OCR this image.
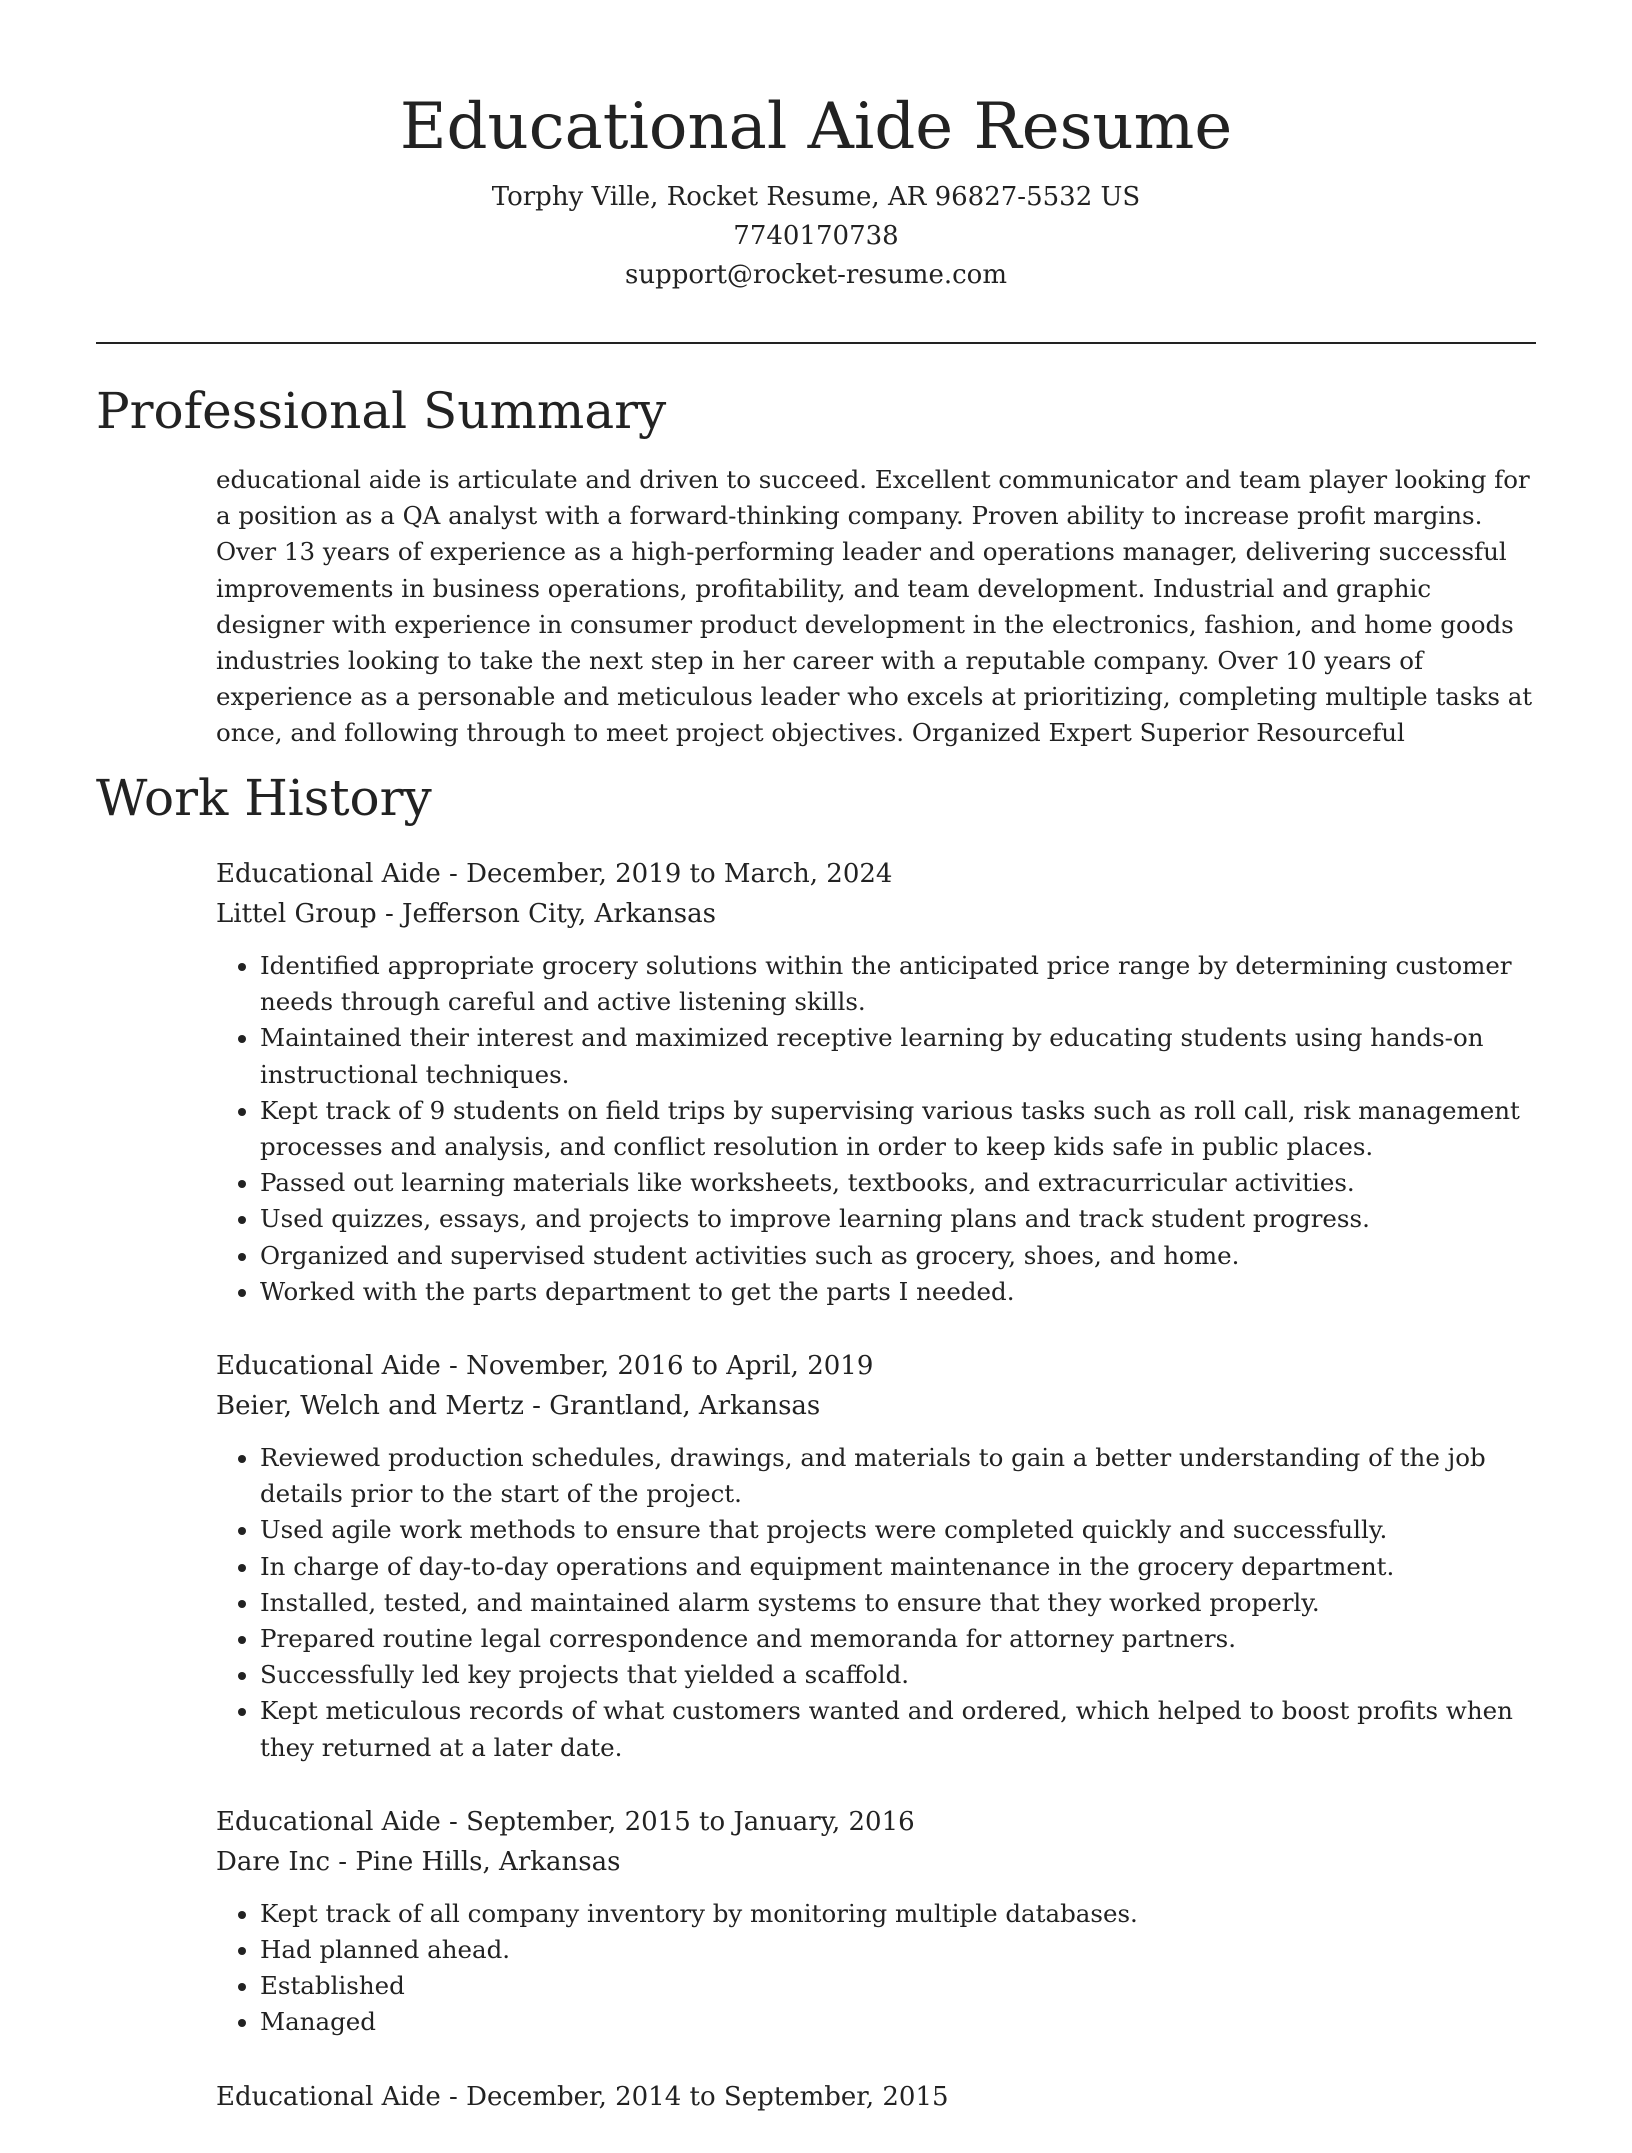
Educational Aide Resume

Torphy Ville, Rocket Resume, AR 96827-5532 US

7740170738

support@rocket-resume.com

Professional Summary

educational aide is articulate and driven to succeed. Excellent communicator and team player looking for a position as a QA analyst with a forward-thinking company. Proven ability to increase profit margins. Over 13 years of experience as a high-performing leader and operations manager, delivering successful improvements in business operations, profitability, and team development. Industrial and graphic designer with experience in consumer product development in the electronics, fashion, and home goods industries looking to take the next step in her career with a reputable company. Over 10 years of experience as a personable and meticulous leader who excels at prioritizing, completing multiple tasks at once, and following through to meet project objectives. Organized Expert Superior Resourceful

Work History

Educational Aide - December, 2019 to March, 2024

Littel Group - Jefferson City, Arkansas

• Identified appropriate grocery solutions within the anticipated price range by determining customer needs through careful and active listening skills.
• Maintained their interest and maximized receptive learning by educating students using hands-on instructional techniques.
• Kept track of 9 students on field trips by supervising various tasks such as roll call, risk management processes and analysis, and conflict resolution in order to keep kids safe in public places.
• Passed out learning materials like worksheets, textbooks, and extracurricular activities.
• Used quizzes, essays, and projects to improve learning plans and track student progress.
• Organized and supervised student activities such as grocery, shoes, and home.
• Worked with the parts department to get the parts I needed.

Educational Aide - November, 2016 to April, 2019

Beier, Welch and Mertz - Grantland, Arkansas

• Reviewed production schedules, drawings, and materials to gain a better understanding of the job details prior to the start of the project.
• Used agile work methods to ensure that projects were completed quickly and successfully.
• In charge of day-to-day operations and equipment maintenance in the grocery department.
• Installed, tested, and maintained alarm systems to ensure that they worked properly.
• Prepared routine legal correspondence and memoranda for attorney partners.
• Successfully led key projects that yielded a scaffold.
• Kept meticulous records of what customers wanted and ordered, which helped to boost profits when they returned at a later date.

Educational Aide - September, 2015 to January, 2016

Dare Inc - Pine Hills, Arkansas

• Kept track of all company inventory by monitoring multiple databases.
• Had planned ahead.
• Established
• Managed

Educational Aide - December, 2014 to September, 2015
